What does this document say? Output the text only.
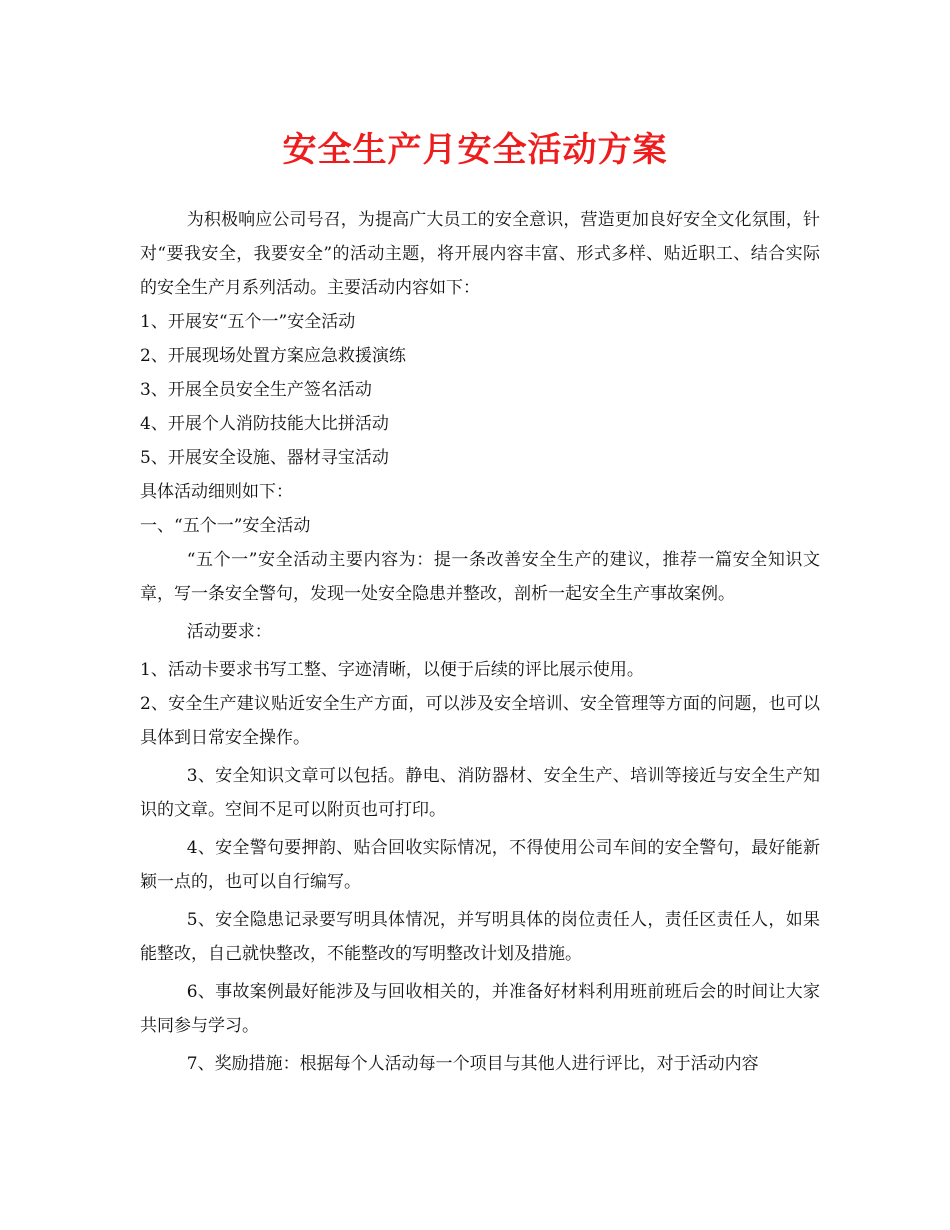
安全生产月安全活动方案

为积极响应公司号召，为提高广大员工的安全意识，营造更加良好安全文化氛围，针对“要我安全，我要安全”的活动主题，将开展内容丰富、形式多样、贴近职工、结合实际的安全生产月系列活动。主要活动内容如下：

1、开展安“五个一”安全活动

2、开展现场处置方案应急救援演练

3、开展全员安全生产签名活动

4、开展个人消防技能大比拼活动

5、开展安全设施、器材寻宝活动

具体活动细则如下：

一、“五个一”安全活动

“五个一”安全活动主要内容为：提一条改善安全生产的建议，推荐一篇安全知识文章，写一条安全警句，发现一处安全隐患并整改，剖析一起安全生产事故案例。

活动要求：

1、活动卡要求书写工整、字迹清晰，以便于后续的评比展示使用。

2、安全生产建议贴近安全生产方面，可以涉及安全培训、安全管理等方面的问题，也可以具体到日常安全操作。

3、安全知识文章可以包括。静电、消防器材、安全生产、培训等接近与安全生产知识的文章。空间不足可以附页也可打印。

4、安全警句要押韵、贴合回收实际情况，不得使用公司车间的安全警句，最好能新颖一点的，也可以自行编写。

5、安全隐患记录要写明具体情况，并写明具体的岗位责任人，责任区责任人，如果能整改，自己就快整改，不能整改的写明整改计划及措施。

6、事故案例最好能涉及与回收相关的，并准备好材料利用班前班后会的时间让大家共同参与学习。

7、奖励措施：根据每个人活动每一个项目与其他人进行评比，对于活动内容
